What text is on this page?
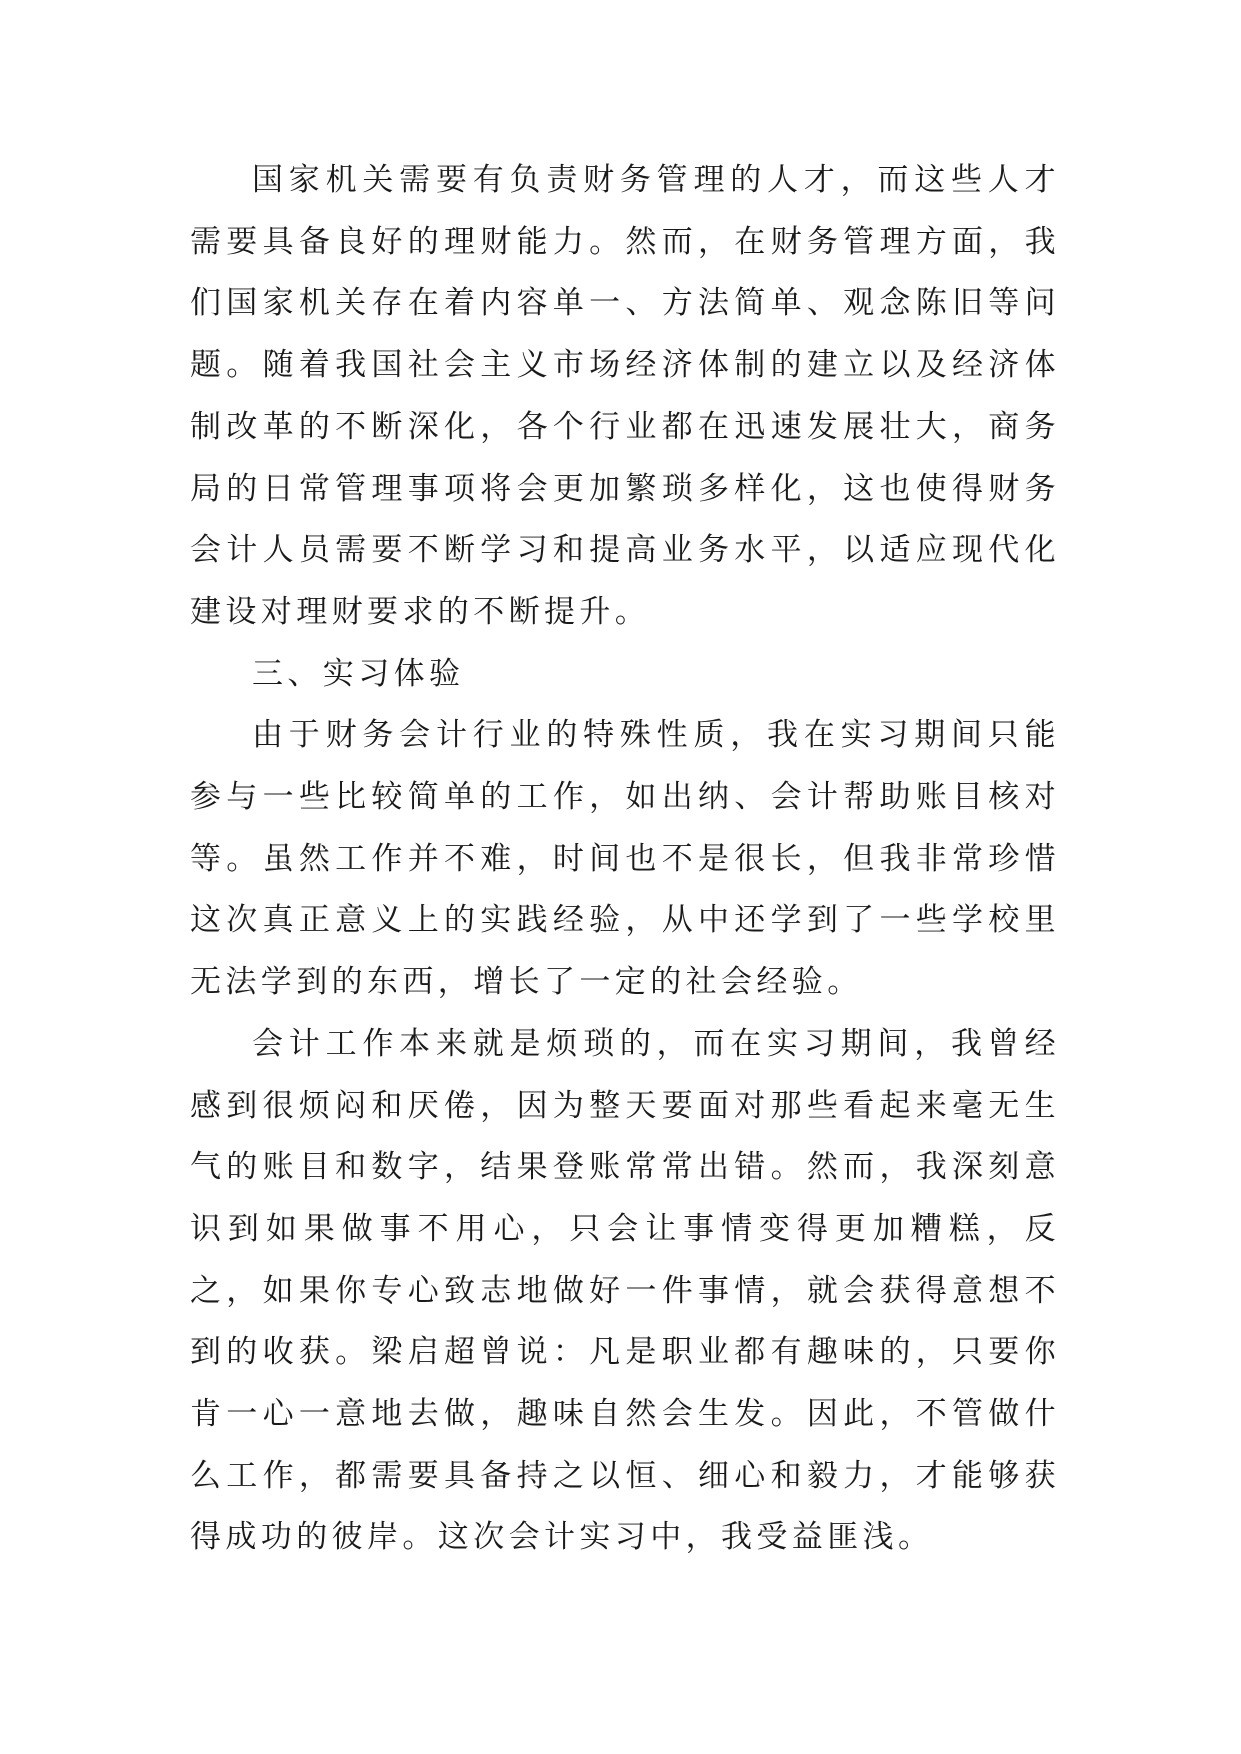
国家机关需要有负责财务管理的人才，而这些人才需要具备良好的理财能力。然而，在财务管理方面，我们国家机关存在着内容单一、方法简单、观念陈旧等问题。随着我国社会主义市场经济体制的建立以及经济体制改革的不断深化，各个行业都在迅速发展壮大，商务局的日常管理事项将会更加繁琐多样化，这也使得财务会计人员需要不断学习和提高业务水平，以适应现代化建设对理财要求的不断提升。

三、实习体验

由于财务会计行业的特殊性质，我在实习期间只能参与一些比较简单的工作，如出纳、会计帮助账目核对等。虽然工作并不难，时间也不是很长，但我非常珍惜这次真正意义上的实践经验，从中还学到了一些学校里无法学到的东西，增长了一定的社会经验。

会计工作本来就是烦琐的，而在实习期间，我曾经感到很烦闷和厌倦，因为整天要面对那些看起来毫无生气的账目和数字，结果登账常常出错。然而，我深刻意识到如果做事不用心，只会让事情变得更加糟糕，反之，如果你专心致志地做好一件事情，就会获得意想不到的收获。梁启超曾说：凡是职业都有趣味的，只要你肯一心一意地去做，趣味自然会生发。因此，不管做什么工作，都需要具备持之以恒、细心和毅力，才能够获得成功的彼岸。这次会计实习中，我受益匪浅。
